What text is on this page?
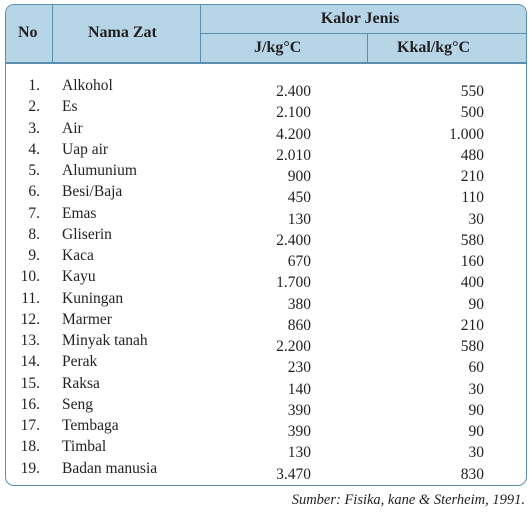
No	Nama Zat
Kalor Jenis
J/kg°C	Kkal/kg°C
1. Alkohol	2.400	550
2. Es	2.100	500
3. Air	4.200	1.000
4. Uap air	2.010	480
5. Alumunium	900	210
6. Besi/Baja	450	110
7. Emas	130	30
8. Gliserin	2.400	580
9. Kaca	670	160
10. Kayu	1.700	400
11. Kuningan	380	90
12. Marmer	860	210
13. Minyak tanah	2.200	580
14. Perak	230	60
15. Raksa	140	30
16. Seng	390	90
17. Tembaga	390	90
18. Timbal	130	30
19. Badan manusia	3.470	830
Sumber: Fisika, kane & Sterheim, 1991.
